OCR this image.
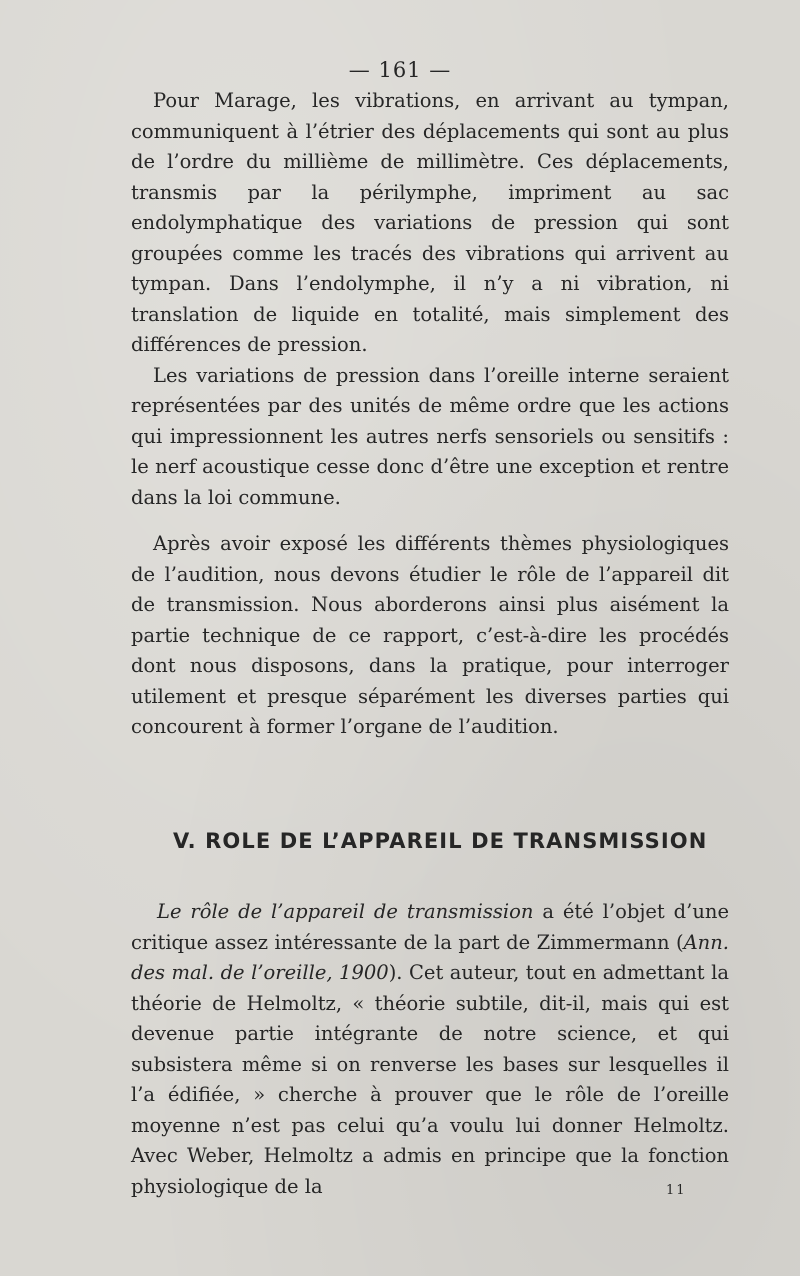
— 161 —

Pour Marage, les vibrations, en arrivant au tympan, communiquent à l’étrier des déplacements qui sont au plus de l’ordre du millième de millimètre. Ces déplacements, transmis par la périlymphe, impriment au sac endolymphatique des variations de pression qui sont groupées comme les tracés des vibrations qui arrivent au tympan. Dans l’endolymphe, il n’y a ni vibration, ni translation de liquide en totalité, mais simplement des différences de pression.

Les variations de pression dans l’oreille interne seraient représentées par des unités de même ordre que les actions qui impressionnent les autres nerfs sensoriels ou sensitifs : le nerf acoustique cesse donc d’être une exception et rentre dans la loi commune.

Après avoir exposé les différents thèmes physiologiques de l’audition, nous devons étudier le rôle de l’appareil dit de transmission. Nous aborderons ainsi plus aisément la partie technique de ce rapport, c’est-à-dire les procédés dont nous disposons, dans la pratique, pour interroger utilement et presque séparément les diverses parties qui concourent à former l’organe de l’audition.

V. ROLE DE L’APPAREIL DE TRANSMISSION

Le rôle de l’appareil de transmission a été l’objet d’une critique assez intéressante de la part de Zimmermann (Ann. des mal. de l’oreille, 1900). Cet auteur, tout en admettant la théorie de Helmoltz, « théorie subtile, dit-il, mais qui est devenue partie intégrante de notre science, et qui subsistera même si on renverse les bases sur lesquelles il l’a édifiée, » cherche à prouver que le rôle de l’oreille moyenne n’est pas celui qu’a voulu lui donner Helmoltz. Avec Weber, Helmoltz a admis en principe que la fonction physiologique de la	11
